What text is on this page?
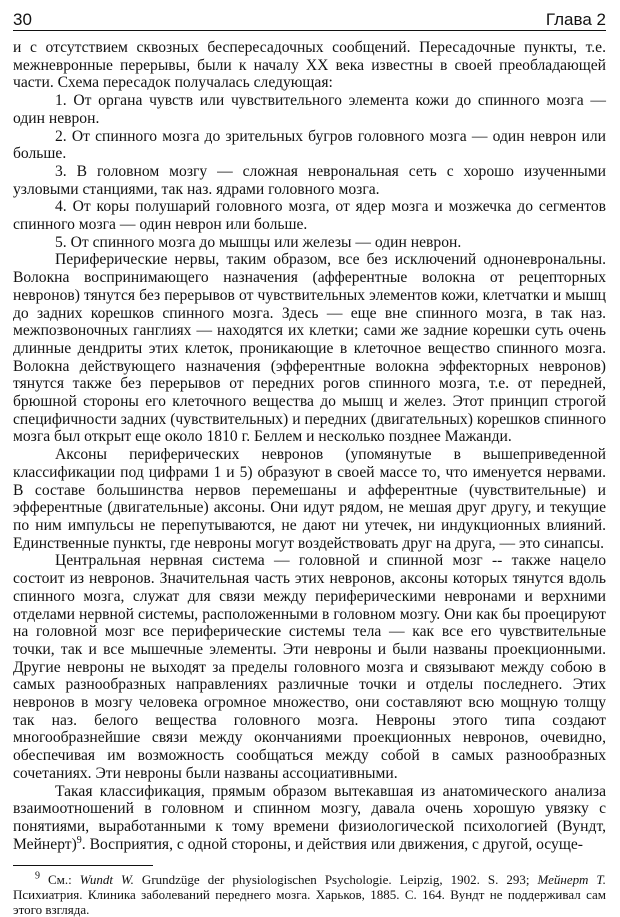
30	Глава 2

и с отсутствием сквозных беспересадочных сообщений. Пересадочные пункты, т.е. межневронные перерывы, были к началу XX века известны в своей преобладающей части. Схема пересадок получалась следующая:

1. От органа чувств или чувствительного элемента кожи до спинного мозга — один неврон.

2. От спинного мозга до зрительных бугров головного мозга — один неврон или больше.

3. В головном мозгу — сложная неврональная сеть с хорошо изученными узловыми станциями, так наз. ядрами головного мозга.

4. От коры полушарий головного мозга, от ядер мозга и мозжечка до сегментов спинного мозга — один неврон или больше.

5. От спинного мозга до мышцы или железы — один неврон.

Периферические нервы, таким образом, все без исключений одноневрональны. Волокна воспринимающего назначения (афферентные волокна от рецепторных невронов) тянутся без перерывов от чувствительных элементов кожи, клетчатки и мышц до задних корешков спинного мозга. Здесь — еще вне спинного мозга, в так наз. межпозвоночных ганглиях — находятся их клетки; сами же задние корешки суть очень длинные дендриты этих клеток, проникающие в клеточное вещество спинного мозга. Волокна действующего назначения (эфферентные волокна эффекторных невронов) тянутся также без перерывов от передних рогов спинного мозга, т.е. от передней, брюшной стороны его клеточного вещества до мышц и желез. Этот принцип строгой специфичности задних (чувствительных) и передних (двигательных) корешков спинного мозга был открыт еще около 1810 г. Беллем и несколько позднее Мажанди.

Аксоны периферических невронов (упомянутые в вышеприведенной классификации под цифрами 1 и 5) образуют в своей массе то, что именуется нервами. В составе большинства нервов перемешаны и афферентные (чувствительные) и эфферентные (двигательные) аксоны. Они идут рядом, не мешая друг другу, и текущие по ним импульсы не перепутываются, не дают ни утечек, ни индукционных влияний. Единственные пункты, где невроны могут воздействовать друг на друга, — это синапсы.

Центральная нервная система — головной и спинной мозг -- также нацело состоит из невронов. Значительная часть этих невронов, аксоны которых тянутся вдоль спинного мозга, служат для связи между периферическими невронами и верхними отделами нервной системы, расположенными в головном мозгу. Они как бы проецируют на головной мозг все периферические системы тела — как все его чувствительные точки, так и все мышечные элементы. Эти невроны и были названы проекционными. Другие невроны не выходят за пределы головного мозга и связывают между собою в самых разнообразных направлениях различные точки и отделы последнего. Этих невронов в мозгу человека огромное множество, они составляют всю мощную толщу так наз. белого вещества головного мозга. Невроны этого типа создают многообразнейшие связи между окончаниями проекционных невронов, очевидно, обеспечивая им возможность сообщаться между собой в самых разнообразных сочетаниях. Эти невроны были названы ассоциативными.

Такая классификация, прямым образом вытекавшая из анатомического анализа взаимоотношений в головном и спинном мозгу, давала очень хорошую увязку с понятиями, выработанными к тому времени физиологической психологией (Вундт, Мейнерт)$^9$. Восприятия, с одной стороны, и действия или движения, с другой, осуще-

$^9$ См.: Wundt W. Grundzüge der physiologischen Psychologie. Leipzig, 1902. S. 293; Мейнерт Т. Психиатрия. Клиника заболеваний переднего мозга. Харьков, 1885. С. 164. Вундт не поддерживал сам этого взгляда.
